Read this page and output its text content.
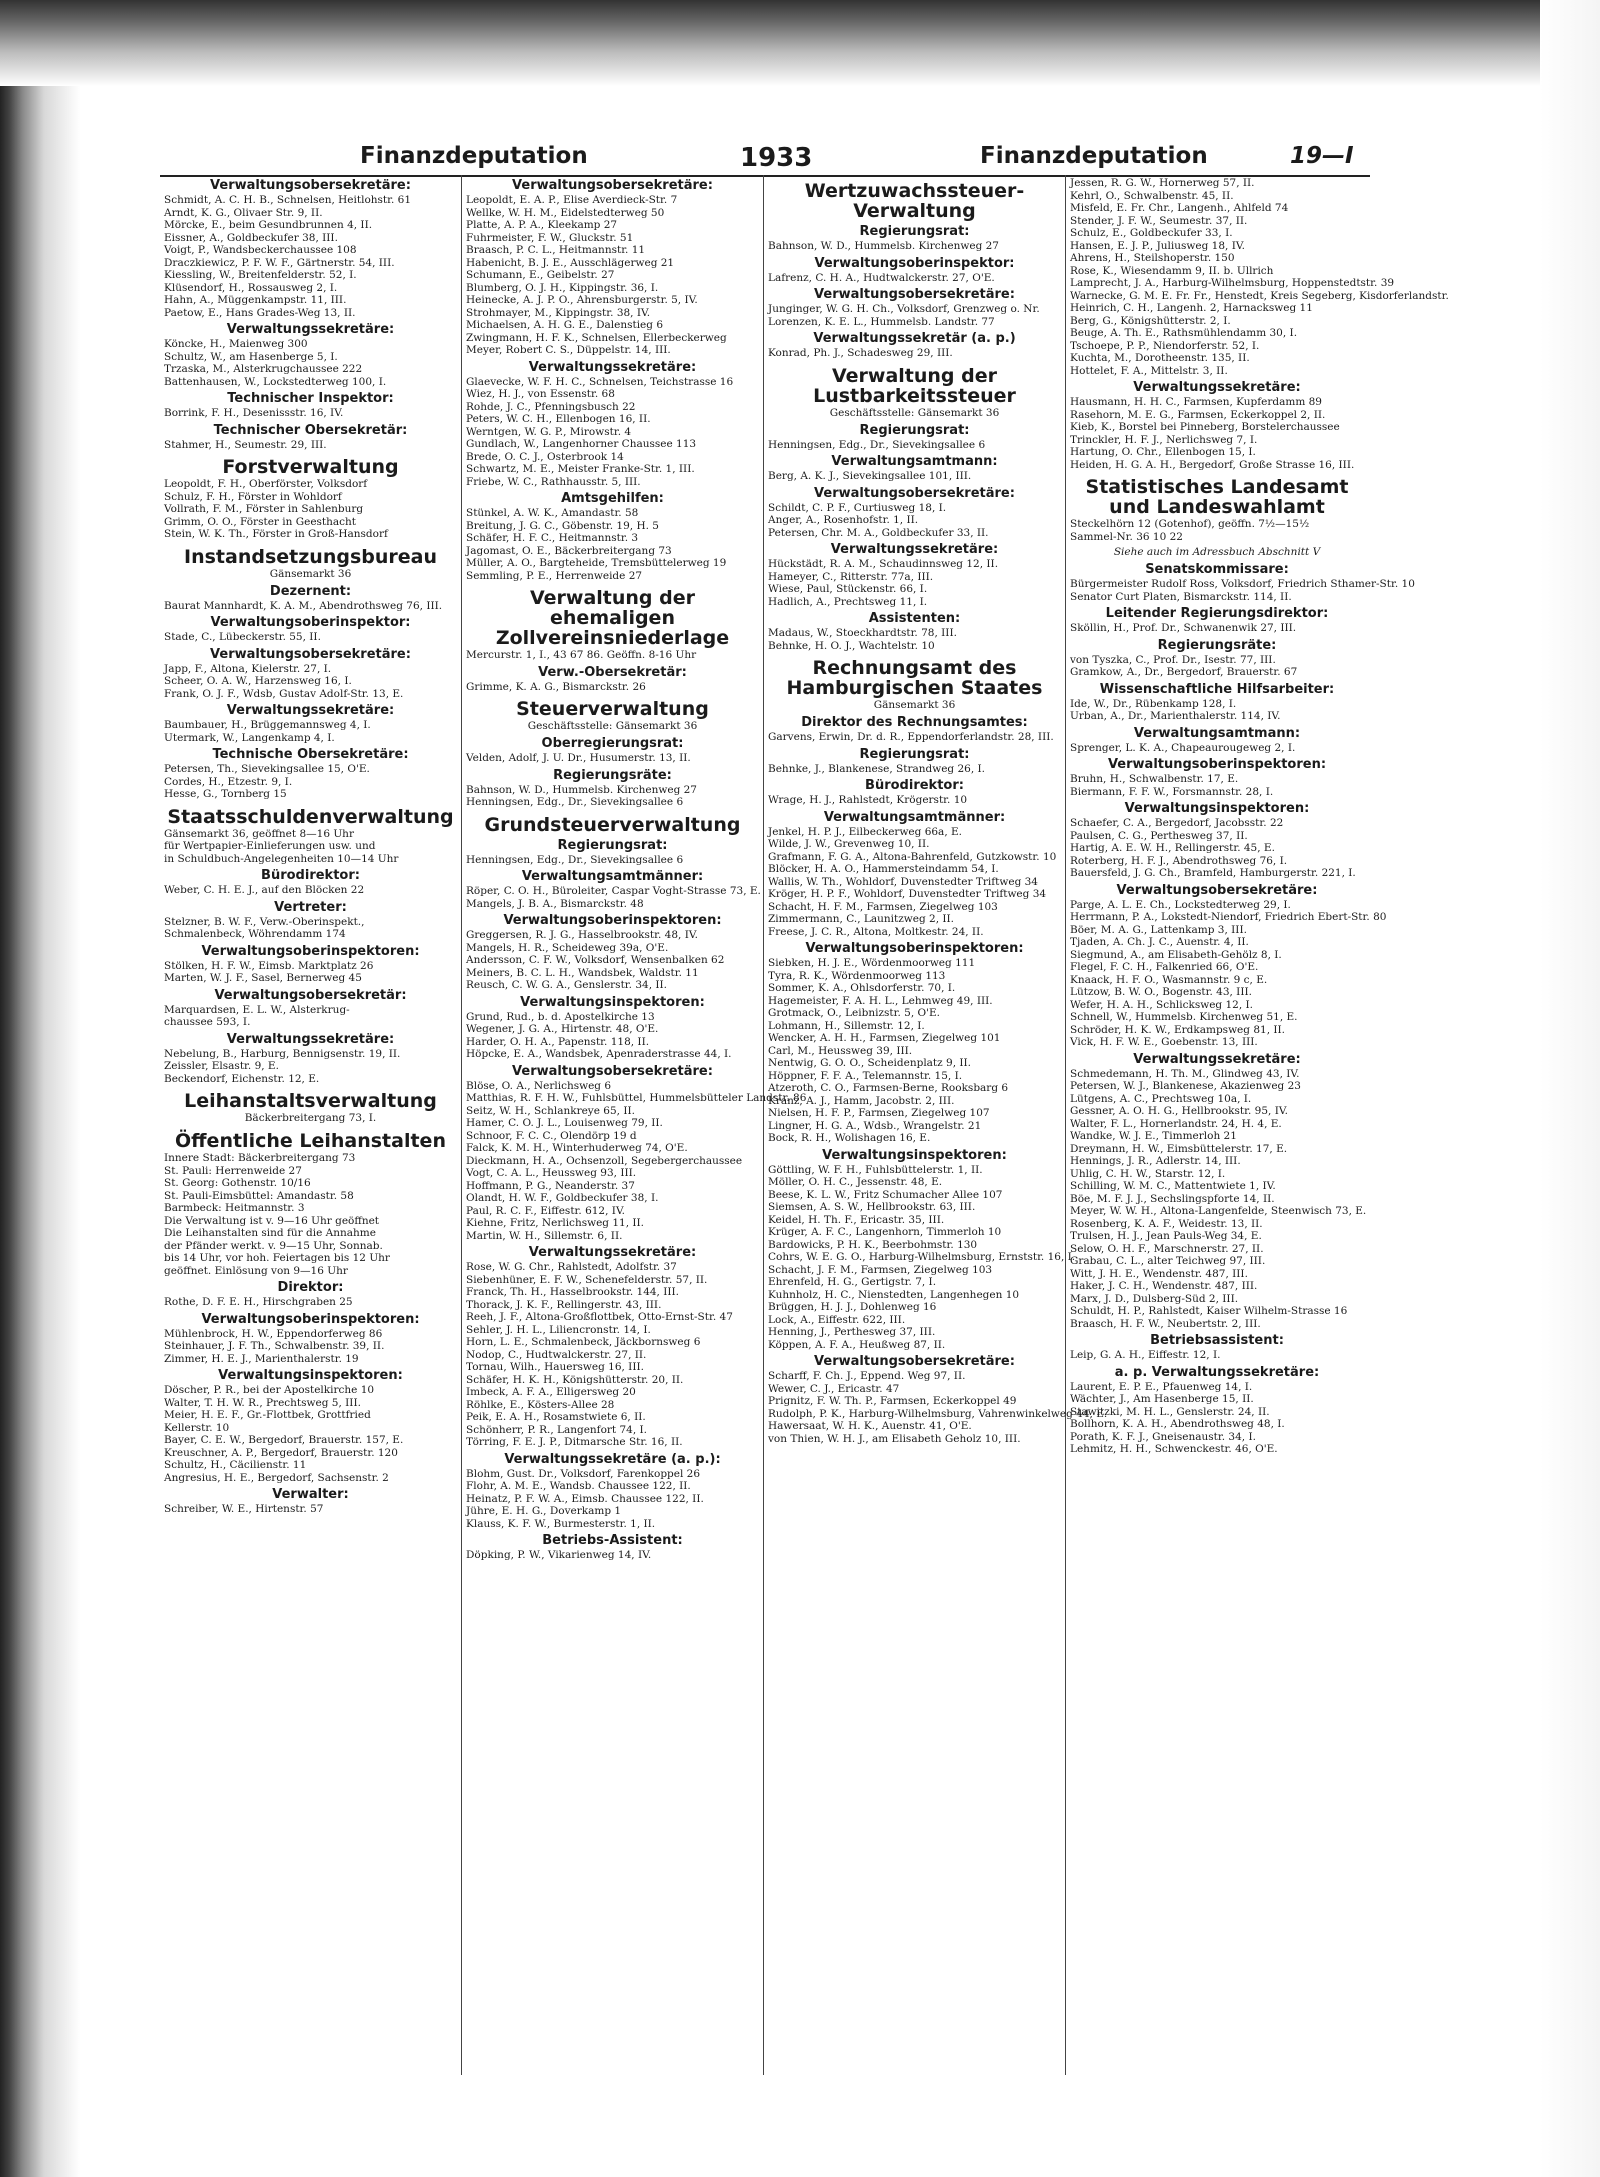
Finanzdeputation	1933	Finanzdeputation	19—I
Verwaltungsobersekretäre:
Schmidt, A. C. H. B., Schnelsen, Heitlohstr. 61
Arndt, K. G., Olivaer Str. 9, II.
Mörcke, E., beim Gesundbrunnen 4, II.
Eissner, A., Goldbeckufer 38, III.
Voigt, P., Wandsbeckerchaussee 108
Draczkiewicz, P. F. W. F., Gärtnerstr. 54, III.
Kiessling, W., Breitenfelderstr. 52, I.
Klüsendorf, H., Rossausweg 2, I.
Hahn, A., Müggenkampstr. 11, III.
Paetow, E., Hans Grades-Weg 13, II.
Verwaltungssekretäre:
Köncke, H., Maienweg 300
Schultz, W., am Hasenberge 5, I.
Trzaska, M., Alsterkrugchaussee 222
Battenhausen, W., Lockstedterweg 100, I.
Technischer Inspektor:
Borrink, F. H., Desenissstr. 16, IV.
Technischer Obersekretär:
Stahmer, H., Seumestr. 29, III.
Forstverwaltung
Leopoldt, F. H., Oberförster, Volksdorf
Schulz, F. H., Förster in Wohldorf
Vollrath, F. M., Förster in Sahlenburg
Grimm, O. O., Förster in Geesthacht
Stein, W. K. Th., Förster in Groß-Hansdorf
Instandsetzungsbureau
Gänsemarkt 36
Dezernent:
Baurat Mannhardt, K. A. M., Abendrothsweg 76, III.
Verwaltungsoberinspektor:
Stade, C., Lübeckerstr. 55, II.
Verwaltungsobersekretäre:
Japp, F., Altona, Kielerstr. 27, I.
Scheer, O. A. W., Harzensweg 16, I.
Frank, O. J. F., Wdsb, Gustav Adolf-Str. 13, E.
Verwaltungssekretäre:
Baumbauer, H., Brüggemannsweg 4, I.
Utermark, W., Langenkamp 4, I.
Technische Obersekretäre:
Petersen, Th., Sievekingsallee 15, O'E.
Cordes, H., Etzestr. 9, I.
Hesse, G., Tornberg 15
Staatsschuldenverwaltung
Gänsemarkt 36, geöffnet 8—16 Uhr
für Wertpapier-Einlieferungen usw. und
in Schuldbuch-Angelegenheiten 10—14 Uhr
Bürodirektor:
Weber, C. H. E. J., auf den Blöcken 22
Vertreter:
Stelzner, B. W. F., Verw.-Oberinspekt.,
Schmalenbeck, Wöhrendamm 174
Verwaltungsoberinspektoren:
Stölken, H. F. W., Eimsb. Marktplatz 26
Marten, W. J. F., Sasel, Bernerweg 45
Verwaltungsobersekretär:
Marquardsen, E. L. W., Alsterkrug-
chaussee 593, I.
Verwaltungssekretäre:
Nebelung, B., Harburg, Bennigsenstr. 19, II.
Zeissler, Elsastr. 9, E.
Beckendorf, Eichenstr. 12, E.
Leihanstaltsverwaltung
Bäckerbreitergang 73, I.
Öffentliche Leihanstalten
Innere Stadt: Bäckerbreitergang 73
St. Pauli: Herrenweide 27
St. Georg: Gothenstr. 10/16
St. Pauli-Eimsbüttel: Amandastr. 58
Barmbeck: Heitmannstr. 3
Die Verwaltung ist v. 9—16 Uhr geöffnet
Die Leihanstalten sind für die Annahme
der Pfänder werkt. v. 9—15 Uhr, Sonnab.
bis 14 Uhr, vor hoh. Feiertagen bis 12 Uhr
geöffnet. Einlösung von 9—16 Uhr
Direktor:
Rothe, D. F. E. H., Hirschgraben 25
Verwaltungsoberinspektoren:
Mühlenbrock, H. W., Eppendorferweg 86
Steinhauer, J. F. Th., Schwalbenstr. 39, II.
Zimmer, H. E. J., Marienthalerstr. 19
Verwaltungsinspektoren:
Döscher, P. R., bei der Apostelkirche 10
Walter, T. H. W. R., Prechtsweg 5, III.
Meier, H. E. F., Gr.-Flottbek, Grottfried
Kellerstr. 10
Bayer, C. E. W., Bergedorf, Brauerstr. 157, E.
Kreuschner, A. P., Bergedorf, Brauerstr. 120
Schultz, H., Cäcilienstr. 11
Angresius, H. E., Bergedorf, Sachsenstr. 2
Verwalter:
Schreiber, W. E., Hirtenstr. 57
Verwaltungsobersekretäre:
Leopoldt, E. A. P., Elise Averdieck-Str. 7
Wellke, W. H. M., Eidelstedterweg 50
Platte, A. P. A., Kleekamp 27
Fuhrmeister, F. W., Gluckstr. 51
Braasch, P. C. L., Heitmannstr. 11
Habenicht, B. J. E., Ausschlägerweg 21
Schumann, E., Geibelstr. 27
Blumberg, O. J. H., Kippingstr. 36, I.
Heinecke, A. J. P. O., Ahrensburgerstr. 5, IV.
Strohmayer, M., Kippingstr. 38, IV.
Michaelsen, A. H. G. E., Dalenstieg 6
Zwingmann, H. F. K., Schnelsen, Ellerbeckerweg
Meyer, Robert C. S., Düppelstr. 14, III.
Verwaltungssekretäre:
Glaevecke, W. F. H. C., Schnelsen, Teichstrasse 16
Wiez, H. J., von Essenstr. 68
Rohde, J. C., Pfenningsbusch 22
Peters, W. C. H., Ellenbogen 16, II.
Werntgen, W. G. P., Mirowstr. 4
Gundlach, W., Langenhorner Chaussee 113
Brede, O. C. J., Osterbrook 14
Schwartz, M. E., Meister Franke-Str. 1, III.
Friebe, W. C., Rathhausstr. 5, III.
Amtsgehilfen:
Stünkel, A. W. K., Amandastr. 58
Breitung, J. G. C., Göbenstr. 19, H. 5
Schäfer, H. F. C., Heitmannstr. 3
Jagomast, O. E., Bäckerbreitergang 73
Müller, A. O., Bargteheide, Tremsbüttelerweg 19
Semmling, P. E., Herrenweide 27
Verwaltung der ehemaligen Zollvereinsniederlage
Mercurstr. 1, I., 43 67 86. Geöffn. 8-16 Uhr
Verw.-Obersekretär:
Grimme, K. A. G., Bismarckstr. 26
Steuerverwaltung
Geschäftsstelle: Gänsemarkt 36
Oberregierungsrat:
Velden, Adolf, J. U. Dr., Husumerstr. 13, II.
Regierungsräte:
Bahnson, W. D., Hummelsb. Kirchenweg 27
Henningsen, Edg., Dr., Sievekingsallee 6
Grundsteuerverwaltung
Regierungsrat:
Henningsen, Edg., Dr., Sievekingsallee 6
Verwaltungsamtmänner:
Röper, C. O. H., Büroleiter, Caspar Voght-Strasse 73, E.
Mangels, J. B. A., Bismarckstr. 48
Verwaltungsoberinspektoren:
Greggersen, R. J. G., Hasselbrookstr. 48, IV.
Mangels, H. R., Scheideweg 39a, O'E.
Andersson, C. F. W., Volksdorf, Wensenbalken 62
Meiners, B. C. L. H., Wandsbek, Waldstr. 11
Reusch, C. W. G. A., Genslerstr. 34, II.
Verwaltungsinspektoren:
Grund, Rud., b. d. Apostelkirche 13
Wegener, J. G. A., Hirtenstr. 48, O'E.
Harder, O. H. A., Papenstr. 118, II.
Höpcke, E. A., Wandsbek, Apenraderstrasse 44, I.
Verwaltungsobersekretäre:
Blöse, O. A., Nerlichsweg 6
Matthias, R. F. H. W., Fuhlsbüttel, Hummelsbütteler Landstr. 86
Seitz, W. H., Schlankreye 65, II.
Hamer, C. O. J. L., Louisenweg 79, II.
Schnoor, F. C. C., Olendörp 19 d
Falck, K. M. H., Winterhuderweg 74, O'E.
Dieckmann, H. A., Ochsenzoll, Segebergerchaussee
Vogt, C. A. L., Heussweg 93, III.
Hoffmann, P. G., Neanderstr. 37
Olandt, H. W. F., Goldbeckufer 38, I.
Paul, R. C. F., Eiffestr. 612, IV.
Kiehne, Fritz, Nerlichsweg 11, II.
Martin, W. H., Sillemstr. 6, II.
Verwaltungssekretäre:
Rose, W. G. Chr., Rahlstedt, Adolfstr. 37
Siebenhüner, E. F. W., Schenefelderstr. 57, II.
Franck, Th. H., Hasselbrookstr. 144, III.
Thorack, J. K. F., Rellingerstr. 43, III.
Reeh, J. F., Altona-Großflottbek, Otto-Ernst-Str. 47
Sehler, J. H. L., Liliencronstr. 14, I.
Horn, L. E., Schmalenbeck, Jäckbornsweg 6
Nodop, C., Hudtwalckerstr. 27, II.
Tornau, Wilh., Hauersweg 16, III.
Schäfer, H. K. H., Königshütterstr. 20, II.
Imbeck, A. F. A., Elligersweg 20
Röhlke, E., Kösters-Allee 28
Peik, E. A. H., Rosamstwiete 6, II.
Schönherr, P. R., Langenfort 74, I.
Törring, F. E. J. P., Ditmarsche Str. 16, II.
Verwaltungssekretäre (a. p.):
Blohm, Gust. Dr., Volksdorf, Farenkoppel 26
Flohr, A. M. E., Wandsb. Chaussee 122, II.
Heinatz, P. F. W. A., Eimsb. Chaussee 122, II.
Jühre, E. H. G., Doverkamp 1
Klauss, K. F. W., Burmesterstr. 1, II.
Betriebs-Assistent:
Döpking, P. W., Vikarienweg 14, IV.
Wertzuwachssteuer-Verwaltung
Regierungsrat:
Bahnson, W. D., Hummelsb. Kirchenweg 27
Verwaltungsoberinspektor:
Lafrenz, C. H. A., Hudtwalckerstr. 27, O'E.
Verwaltungsobersekretäre:
Junginger, W. G. H. Ch., Volksdorf, Grenzweg o. Nr.
Lorenzen, K. E. L., Hummelsb. Landstr. 77
Verwaltungssekretär (a. p.)
Konrad, Ph. J., Schadesweg 29, III.
Verwaltung der Lustbarkeitssteuer
Geschäftsstelle: Gänsemarkt 36
Regierungsrat:
Henningsen, Edg., Dr., Sievekingsallee 6
Verwaltungsamtmann:
Berg, A. K. J., Sievekingsallee 101, III.
Verwaltungsobersekretäre:
Schildt, C. P. F., Curtiusweg 18, I.
Anger, A., Rosenhofstr. 1, II.
Petersen, Chr. M. A., Goldbeckufer 33, II.
Verwaltungssekretäre:
Hückstädt, R. A. M., Schaudinnsweg 12, II.
Hameyer, C., Ritterstr. 77a, III.
Wiese, Paul, Stückenstr. 66, I.
Hadlich, A., Prechtsweg 11, I.
Assistenten:
Madaus, W., Stoeckhardtstr. 78, III.
Behnke, H. O. J., Wachtelstr. 10
Rechnungsamt des Hamburgischen Staates
Gänsemarkt 36
Direktor des Rechnungsamtes:
Garvens, Erwin, Dr. d. R., Eppendorferlandstr. 28, III.
Regierungsrat:
Behnke, J., Blankenese, Strandweg 26, I.
Bürodirektor:
Wrage, H. J., Rahlstedt, Krögerstr. 10
Verwaltungsamtmänner:
Jenkel, H. P. J., Eilbeckerweg 66a, E.
Wilde, J. W., Grevenweg 10, II.
Grafmann, F. G. A., Altona-Bahrenfeld, Gutzkowstr. 10
Blöcker, H. A. O., Hammersteindamm 54, I.
Wallis, W. Th., Wohldorf, Duvenstedter Triftweg 34
Kröger, H. P. F., Wohldorf, Duvenstedter Triftweg 34
Schacht, H. F. M., Farmsen, Ziegelweg 103
Zimmermann, C., Launitzweg 2, II.
Freese, J. C. R., Altona, Moltkestr. 24, II.
Verwaltungsoberinspektoren:
Siebken, H. J. E., Wördenmoorweg 111
Tyra, R. K., Wördenmoorweg 113
Sommer, K. A., Ohlsdorferstr. 70, I.
Hagemeister, F. A. H. L., Lehmweg 49, III.
Grotmack, O., Leibnizstr. 5, O'E.
Lohmann, H., Sillemstr. 12, I.
Wencker, A. H. H., Farmsen, Ziegelweg 101
Carl, M., Heussweg 39, III.
Nentwig, G. O. O., Scheidenplatz 9, II.
Höppner, F. F. A., Telemannstr. 15, I.
Atzeroth, C. O., Farmsen-Berne, Rooksbarg 6
Kranz, A. J., Hamm, Jacobstr. 2, III.
Nielsen, H. F. P., Farmsen, Ziegelweg 107
Lingner, H. G. A., Wdsb., Wrangelstr. 21
Bock, R. H., Wolishagen 16, E.
Verwaltungsinspektoren:
Göttling, W. F. H., Fuhlsbüttelerstr. 1, II.
Möller, O. H. C., Jessenstr. 48, E.
Beese, K. L. W., Fritz Schumacher Allee 107
Siemsen, A. S. W., Hellbrookstr. 63, III.
Keidel, H. Th. F., Ericastr. 35, III.
Krüger, A. F. C., Langenhorn, Timmerloh 10
Bardowicks, P. H. K., Beerbohmstr. 130
Cohrs, W. E. G. O., Harburg-Wilhelmsburg, Ernststr. 16, I.
Schacht, J. F. M., Farmsen, Ziegelweg 103
Ehrenfeld, H. G., Gertigstr. 7, I.
Kuhnholz, H. C., Nienstedten, Langenhegen 10
Brüggen, H. J. J., Dohlenweg 16
Lock, A., Eiffestr. 622, III.
Henning, J., Perthesweg 37, III.
Köppen, A. F. A., Heußweg 87, II.
Verwaltungsobersekretäre:
Scharff, F. Ch. J., Eppend. Weg 97, II.
Wewer, C. J., Ericastr. 47
Prignitz, F. W. Th. P., Farmsen, Eckerkoppel 49
Rudolph, P. K., Harburg-Wilhelmsburg, Vahrenwinkelweg 44, E.
Hawersaat, W. H. K., Auenstr. 41, O'E.
von Thien, W. H. J., am Elisabeth Geholz 10, III.
Jessen, R. G. W., Hornerweg 57, II.
Kehrl, O., Schwalbenstr. 45, II.
Misfeld, E. Fr. Chr., Langenh., Ahlfeld 74
Stender, J. F. W., Seumestr. 37, II.
Schulz, E., Goldbeckufer 33, I.
Hansen, E. J. P., Juliusweg 18, IV.
Ahrens, H., Steilshoperstr. 150
Rose, K., Wiesendamm 9, II. b. Ullrich
Lamprecht, J. A., Harburg-Wilhelmsburg, Hoppenstedtstr. 39
Warnecke, G. M. E. Fr. Fr., Henstedt, Kreis Segeberg, Kisdorferlandstr.
Heinrich, C. H., Langenh. 2, Harnacksweg 11
Berg, G., Königshütterstr. 2, I.
Beuge, A. Th. E., Rathsmühlendamm 30, I.
Tschoepe, P. P., Niendorferstr. 52, I.
Kuchta, M., Dorotheenstr. 135, II.
Hottelet, F. A., Mittelstr. 3, II.
Verwaltungssekretäre:
Hausmann, H. H. C., Farmsen, Kupferdamm 89
Rasehorn, M. E. G., Farmsen, Eckerkoppel 2, II.
Kieb, K., Borstel bei Pinneberg, Borstelerchaussee
Trinckler, H. F. J., Nerlichsweg 7, I.
Hartung, O. Chr., Ellenbogen 15, I.
Heiden, H. G. A. H., Bergedorf, Große Strasse 16, III.
Statistisches Landesamt und Landeswahlamt
Steckelhörn 12 (Gotenhof), geöffn. 7½—15½
Sammel-Nr. 36 10 22
Siehe auch im Adressbuch Abschnitt V
Senatskommissare:
Bürgermeister Rudolf Ross, Volksdorf, Friedrich Sthamer-Str. 10
Senator Curt Platen, Bismarckstr. 114, II.
Leitender Regierungsdirektor:
Sköllin, H., Prof. Dr., Schwanenwik 27, III.
Regierungsräte:
von Tyszka, C., Prof. Dr., Isestr. 77, III.
Gramkow, A., Dr., Bergedorf, Brauerstr. 67
Wissenschaftliche Hilfsarbeiter:
Ide, W., Dr., Rübenkamp 128, I.
Urban, A., Dr., Marienthalerstr. 114, IV.
Verwaltungsamtmann:
Sprenger, L. K. A., Chapeaurougeweg 2, I.
Verwaltungsoberinspektoren:
Bruhn, H., Schwalbenstr. 17, E.
Biermann, F. F. W., Forsmannstr. 28, I.
Verwaltungsinspektoren:
Schaefer, C. A., Bergedorf, Jacobsstr. 22
Paulsen, C. G., Perthesweg 37, II.
Hartig, A. E. W. H., Rellingerstr. 45, E.
Roterberg, H. F. J., Abendrothsweg 76, I.
Bauersfeld, J. G. Ch., Bramfeld, Hamburgerstr. 221, I.
Verwaltungsobersekretäre:
Parge, A. L. E. Ch., Lockstedterweg 29, I.
Herrmann, P. A., Lokstedt-Niendorf, Friedrich Ebert-Str. 80
Böer, M. A. G., Lattenkamp 3, III.
Tjaden, A. Ch. J. C., Auenstr. 4, II.
Siegmund, A., am Elisabeth-Gehölz 8, I.
Flegel, F. C. H., Falkenried 66, O'E.
Knaack, H. F. O., Wasmannstr. 9 c, E.
Lützow, B. W. O., Bogenstr. 43, III.
Wefer, H. A. H., Schlicksweg 12, I.
Schnell, W., Hummelsb. Kirchenweg 51, E.
Schröder, H. K. W., Erdkampsweg 81, II.
Vick, H. F. W. E., Goebenstr. 13, III.
Verwaltungssekretäre:
Schmedemann, H. Th. M., Glindweg 43, IV.
Petersen, W. J., Blankenese, Akazienweg 23
Lütgens, A. C., Prechtsweg 10a, I.
Gessner, A. O. H. G., Hellbrookstr. 95, IV.
Walter, F. L., Hornerlandstr. 24, H. 4, E.
Wandke, W. J. E., Timmerloh 21
Dreymann, H. W., Eimsbüttelerstr. 17, E.
Hennings, J. R., Adlerstr. 14, III.
Uhlig, C. H. W., Starstr. 12, I.
Schilling, W. M. C., Mattentwiete 1, IV.
Böe, M. F. J. J., Sechslingspforte 14, II.
Meyer, W. W. H., Altona-Langenfelde, Steenwisch 73, E.
Rosenberg, K. A. F., Weidestr. 13, II.
Trulsen, H. J., Jean Pauls-Weg 34, E.
Selow, O. H. F., Marschnerstr. 27, II.
Grabau, C. L., alter Teichweg 97, III.
Witt, J. H. E., Wendenstr. 487, III.
Haker, J. C. H., Wendenstr. 487, III.
Marx, J. D., Dulsberg-Süd 2, III.
Schuldt, H. P., Rahlstedt, Kaiser Wilhelm-Strasse 16
Braasch, H. F. W., Neubertstr. 2, III.
Betriebsassistent:
Leip, G. A. H., Eiffestr. 12, I.
a. p. Verwaltungssekretäre:
Laurent, E. P. E., Pfauenweg 14, I.
Wächter, J., Am Hasenberge 15, II.
Stawitzki, M. H. L., Genslerstr. 24, II.
Bollhorn, K. A. H., Abendrothsweg 48, I.
Porath, K. F. J., Gneisenaustr. 34, I.
Lehmitz, H. H., Schwenckestr. 46, O'E.
